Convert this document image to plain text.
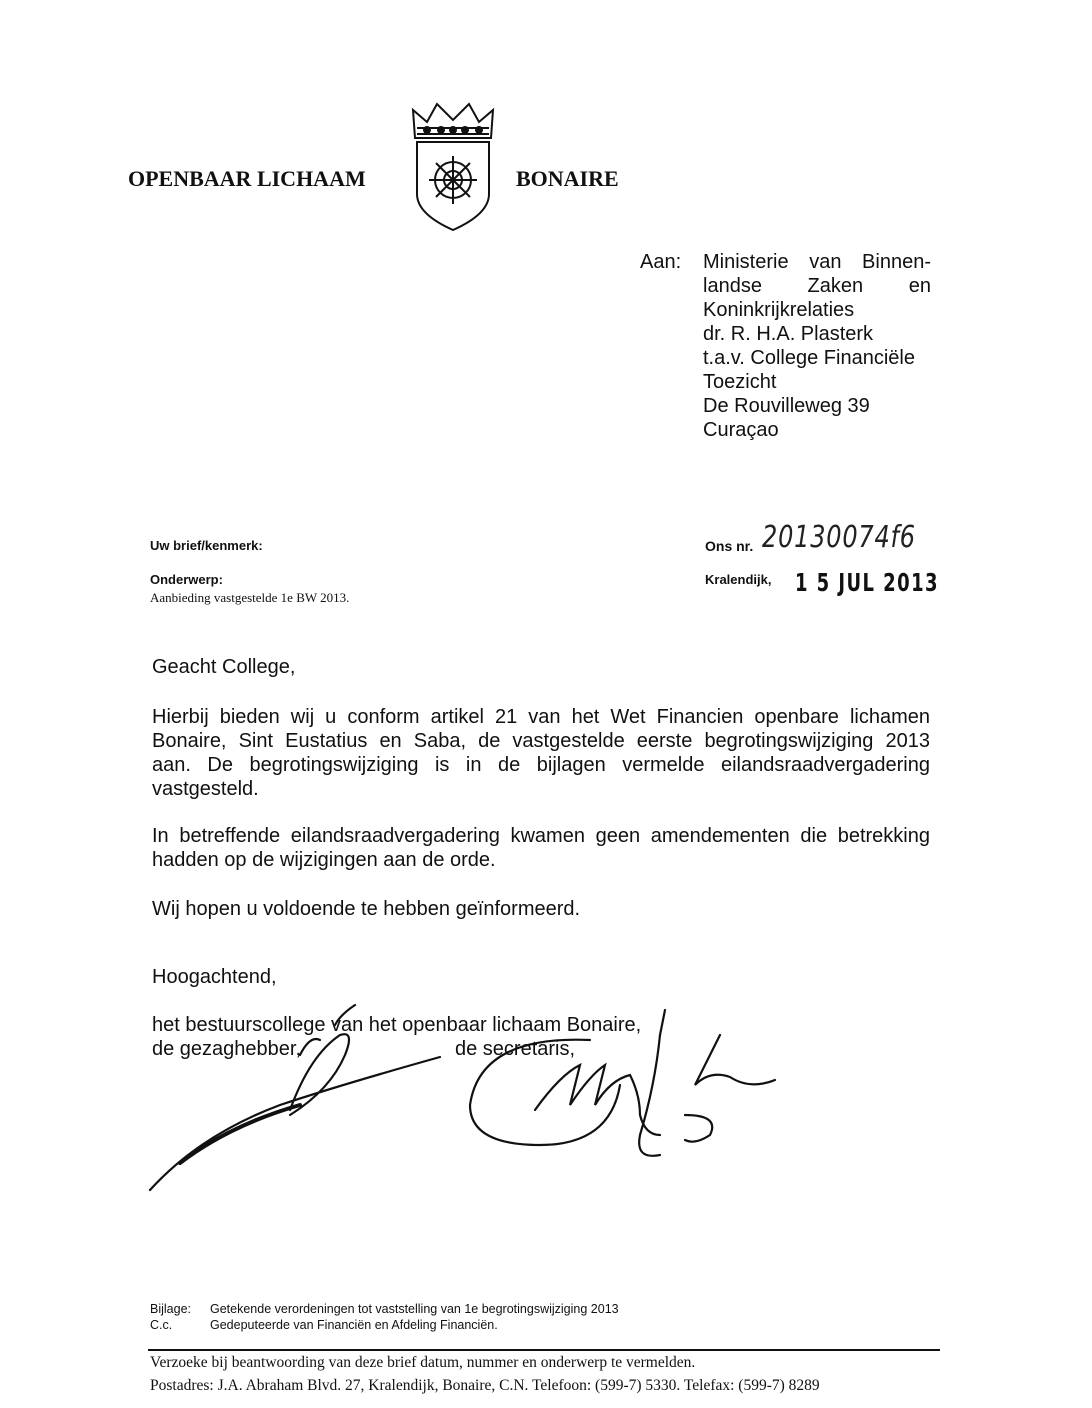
OPENBAAR LICHAAM	BONAIRE
Aan: Ministerie van Binnen-
landse Zaken en
Koninkrijkrelaties
dr. R. H.A. Plasterk
t.a.v. College Financiële
Toezicht
De Rouvilleweg 39
Curaçao
Uw brief/kenmerk:	Ons nr. 20130074f6
Onderwerp:
Aanbieding vastgestelde 1e BW 2013.
Kralendijk, 1 5 JUL 2013
Geacht College,
Hierbij bieden wij u conform artikel 21 van het Wet Financien openbare lichamen
Bonaire, Sint Eustatius en Saba, de vastgestelde eerste begrotingswijziging 2013
aan. De begrotingswijziging is in de bijlagen vermelde eilandsraadvergadering
vastgesteld.
In betreffende eilandsraadvergadering kwamen geen amendementen die betrekking
hadden op de wijzigingen aan de orde.
Wij hopen u voldoende te hebben geïnformeerd.
Hoogachtend,
het bestuurscollege van het openbaar lichaam Bonaire,
de gezaghebber,	de secretaris,
Bijlage: Getekende verordeningen tot vaststelling van 1e begrotingswijziging 2013
C.c.	Gedeputeerde van Financiën en Afdeling Financiën.
Verzoeke bij beantwoording van deze brief datum, nummer en onderwerp te vermelden.
Postadres: J.A. Abraham Blvd. 27, Kralendijk, Bonaire, C.N. Telefoon: (599-7) 5330. Telefax: (599-7) 8289
